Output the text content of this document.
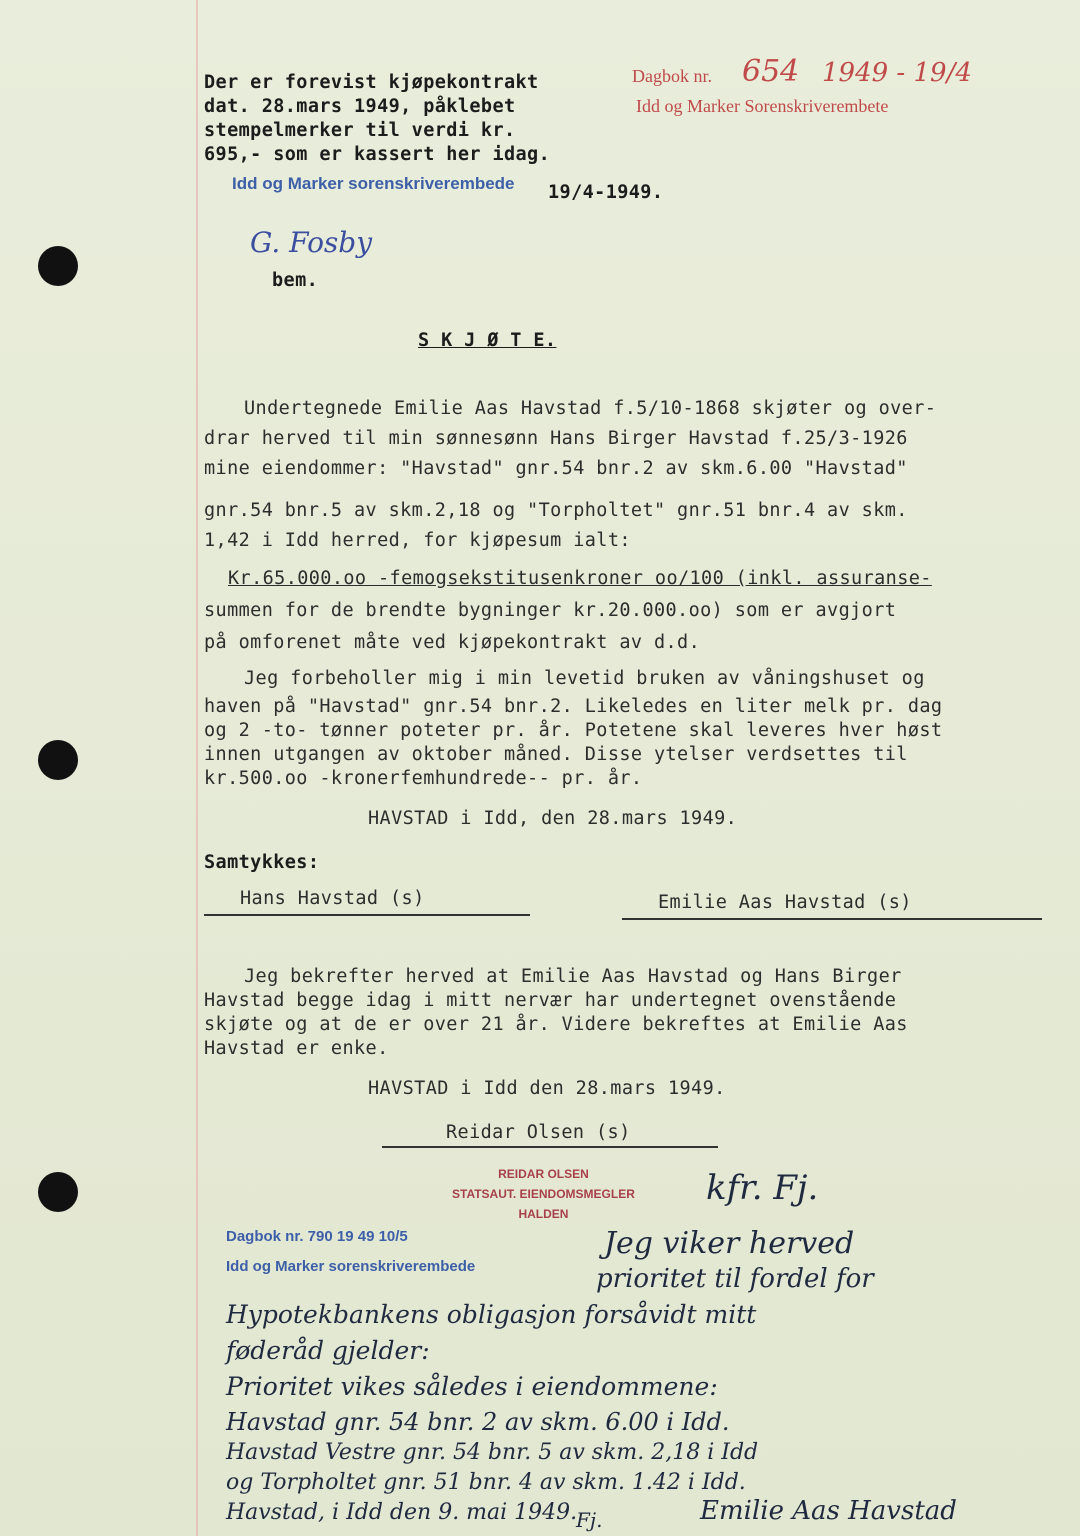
Dagbok nr. 654 1949 - 19/4
Idd og Marker Sorenskriverembete
Der er forevist kjøpekontrakt
dat. 28.mars 1949, påklebet
stempelmerker til verdi kr.
695,- som er kassert her idag.
Idd og Marker sorenskriverembede 19/4-1949.
G. Fosby
bem.
S K J Ø T E.
Undertegnede Emilie Aas Havstad f.5/10-1868 skjøter og over-
drar herved til min sønnesønn Hans Birger Havstad f.25/3-1926
mine eiendommer: "Havstad" gnr.54 bnr.2 av skm.6.00 "Havstad"
gnr.54 bnr.5 av skm.2,18 og "Torpholtet" gnr.51 bnr.4 av skm.
1,42 i Idd herred, for kjøpesum ialt:
Kr.65.000.oo -femogsekstitusenkroner oo/100 (inkl. assuranse-
summen for de brendte bygninger kr.20.000.oo) som er avgjort
på omforenet måte ved kjøpekontrakt av d.d.
Jeg forbeholler mig i min levetid bruken av våningshuset og
haven på "Havstad" gnr.54 bnr.2. Likeledes en liter melk pr. dag
og 2 -to- tønner poteter pr. år. Potetene skal leveres hver høst
innen utgangen av oktober måned. Disse ytelser verdsettes til
kr.500.oo -kronerfemhundrede-- pr. år.
HAVSTAD i Idd, den 28.mars 1949.
Samtykkes:
Hans Havstad (s)	Emilie Aas Havstad (s)
Jeg bekrefter herved at Emilie Aas Havstad og Hans Birger
Havstad begge idag i mitt nervær har undertegnet ovenstående
skjøte og at de er over 21 år. Videre bekreftes at Emilie Aas
Havstad er enke.
HAVSTAD i Idd den 28.mars 1949.
Reidar Olsen (s)
REIDAR OLSEN
STATSAUT. EIENDOMSMEGLER
HALDEN
kfr. Fj.
Dagbok nr. 790 19 49 10/5
Idd og Marker sorenskriverembede
Jeg viker herved
prioritet til fordel for
Hypotekbankens obligasjon forsåvidt mitt
føderåd gjelder:
Prioritet vikes således i eiendommene:
Havstad gnr. 54 bnr. 2 av skm. 6.00 i Idd.
Havstad Vestre gnr. 54 bnr. 5 av skm. 2,18 i Idd
og Torpholtet gnr. 51 bnr. 4 av skm. 1.42 i Idd.
Havstad, i Idd den 9. mai 1949.
Fj.	Emilie Aas Havstad
